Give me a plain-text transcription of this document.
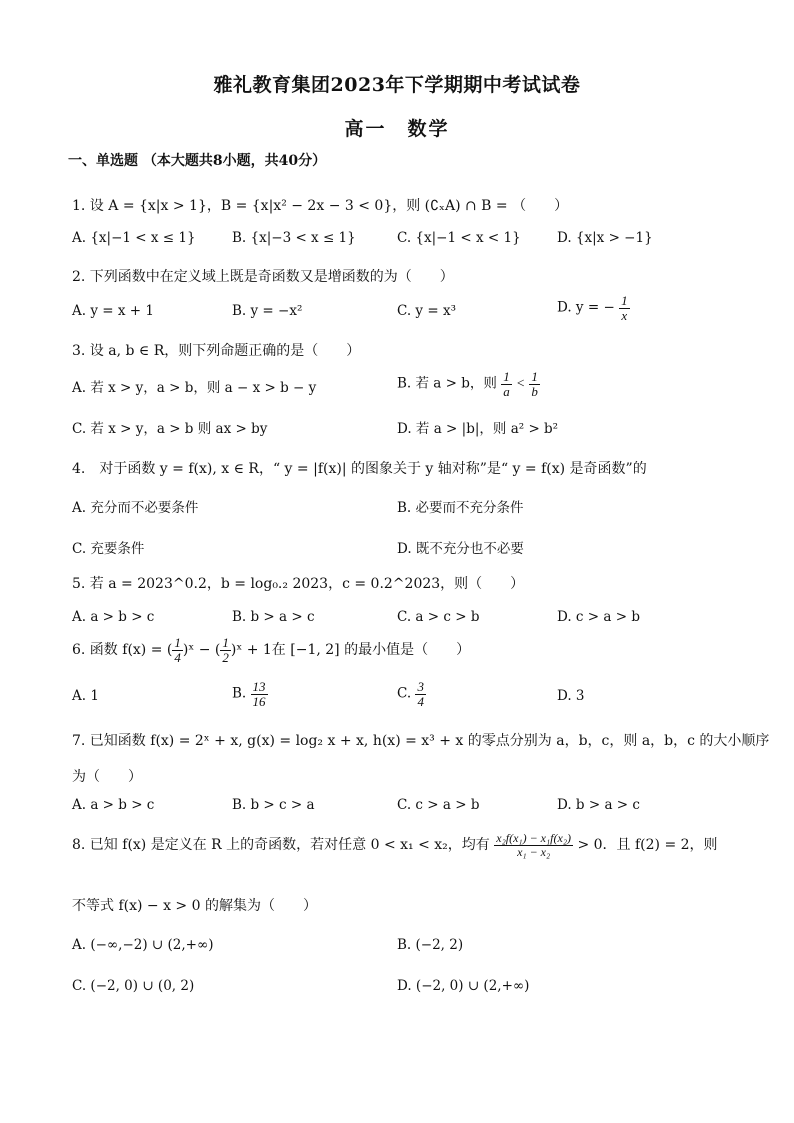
雅礼教育集团2023年下学期期中考试试卷
高一　数学
一、单选题 （本大题共8小题，共40分）
1. 设 A = {x|x > 1}，B = {x|x² − 2x − 3 < 0}，则 (∁ₓA) ∩ B = （　　）
A. {x|−1 < x ≤ 1}	B. {x|−3 < x ≤ 1}	C. {x|−1 < x < 1}	D. {x|x > −1}
2. 下列函数中在定义域上既是奇函数又是增函数的为（　　）
A. y = x + 1	B. y = −x²	C. y = x³	D. y = − $\frac{1}{x}$
3. 设 a, b ∈ R，则下列命题正确的是（　　）
A. 若 x > y，a > b，则 a − x > b − y	B. 若 a > b，则 $\frac{1}{a} < \frac{1}{b}$
C. 若 x > y，a > b 则 ax > by	D. 若 a > |b|，则 a² > b²
4.　对于函数 y = f(x), x ∈ R，“ y = |f(x)| 的图象关于 y 轴对称”是“ y = f(x) 是奇函数”的
A. 充分而不必要条件	B. 必要而不充分条件
C. 充要条件	D. 既不充分也不必要
5. 若 a = 2023^0.2，b = log₀.₂ 2023，c = 0.2^2023，则（　　）
A. a > b > c	B. b > a > c	C. a > c > b	D. c > a > b
6. 函数 f(x) = ( $\frac{1}{4}$ )ˣ − ( $\frac{1}{2}$ )ˣ + 1在 [−1, 2] 的最小值是（　　）
A. 1	B. $\frac{13}{16}$	C. $\frac{3}{4}$	D. 3
7. 已知函数 f(x) = 2ˣ + x, g(x) = log₂ x + x, h(x) = x³ + x 的零点分别为 a，b，c，则 a，b，c 的大小顺序
为（　　）
A. a > b > c	B. b > c > a	C. c > a > b	D. b > a > c
8. 已知 f(x) 是定义在 R 上的奇函数，若对任意 0 < x₁ < x₂，均有 $\frac{\text{x₂f(x₁) − x₁f(x₂)}}{\text{x₁ − x₂}} > 0$．且 f(2) = 2，则
不等式 f(x) − x > 0 的解集为（　　）
A. (−∞,−2) ∪ (2,+∞)	B. (−2, 2)
C. (−2, 0) ∪ (0, 2)	D. (−2, 0) ∪ (2,+∞)
